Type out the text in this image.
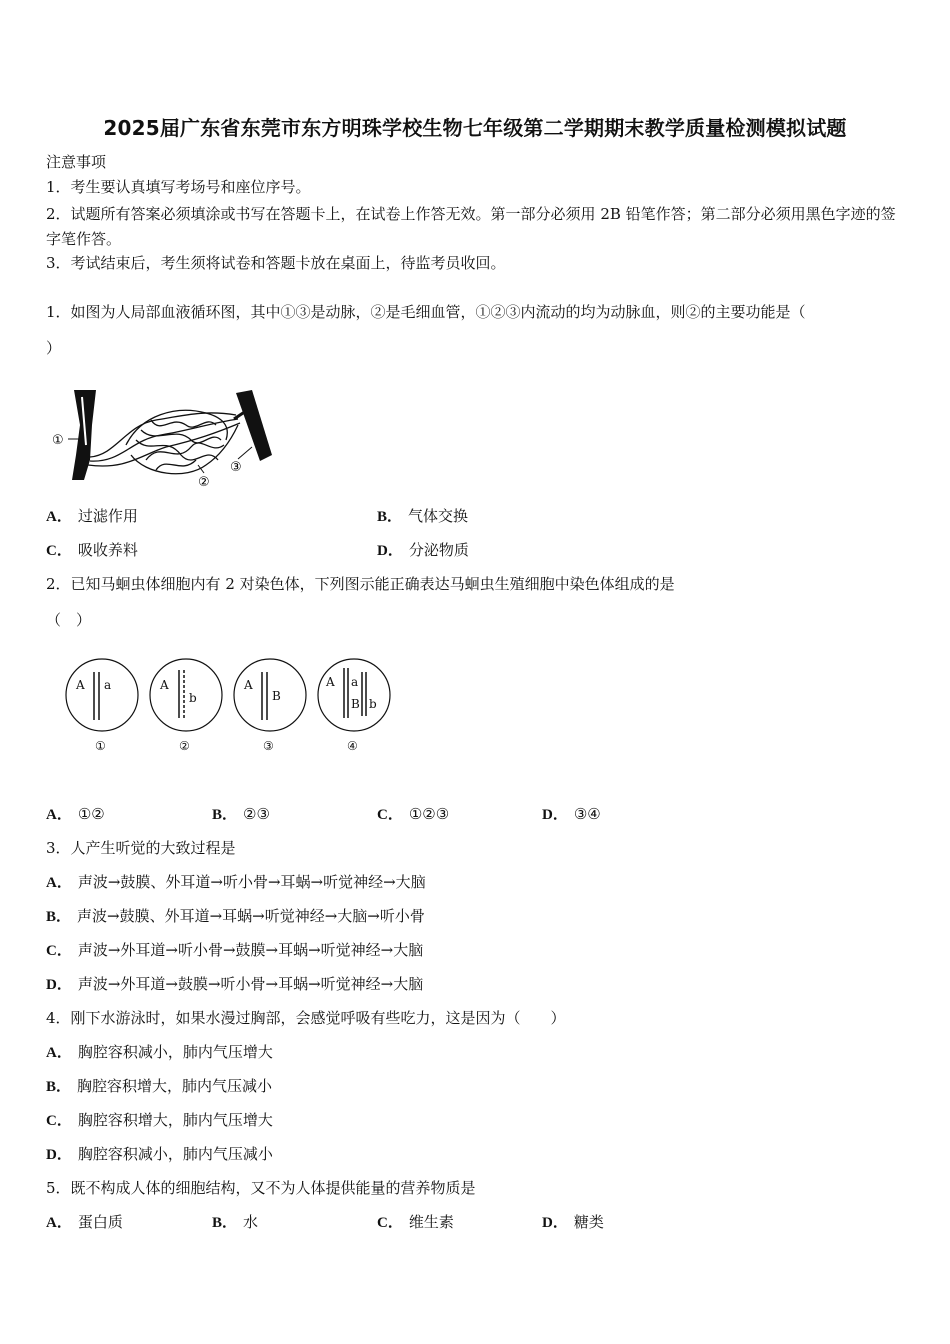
2025届广东省东莞市东方明珠学校生物七年级第二学期期末教学质量检测模拟试题
注意事项
1．考生要认真填写考场号和座位序号。
2．试题所有答案必须填涂或书写在答题卡上，在试卷上作答无效。第一部分必须用 2B 铅笔作答；第二部分必须用黑色字迹的签字笔作答。
3．考试结束后，考生须将试卷和答题卡放在桌面上，待监考员收回。
1．如图为人局部血液循环图，其中①③是动脉，②是毛细血管，①②③内流动的均为动脉血，则②的主要功能是（
）
①
②
③
A． 过滤作用	B． 气体交换
C． 吸收养料	D． 分泌物质
2．已知马蛔虫体细胞内有 2 对染色体，下列图示能正确表达马蛔虫生殖细胞中染色体组成的是
（　）
A a
①
A
b
②
A
B
③
A a
B b
④
A． ①②	B． ②③	C． ①②③	D． ③④
3．人产生听觉的大致过程是
A． 声波→鼓膜、外耳道→听小骨→耳蜗→听觉神经→大脑
B． 声波→鼓膜、外耳道→耳蜗→听觉神经→大脑→听小骨
C． 声波→外耳道→听小骨→鼓膜→耳蜗→听觉神经→大脑
D． 声波→外耳道→鼓膜→听小骨→耳蜗→听觉神经→大脑
4．刚下水游泳时，如果水漫过胸部，会感觉呼吸有些吃力，这是因为（　　）
A． 胸腔容积减小，肺内气压增大
B． 胸腔容积增大，肺内气压减小
C． 胸腔容积增大，肺内气压增大
D． 胸腔容积减小，肺内气压减小
5．既不构成人体的细胞结构，又不为人体提供能量的营养物质是
A． 蛋白质	B． 水	C． 维生素	D． 糖类
